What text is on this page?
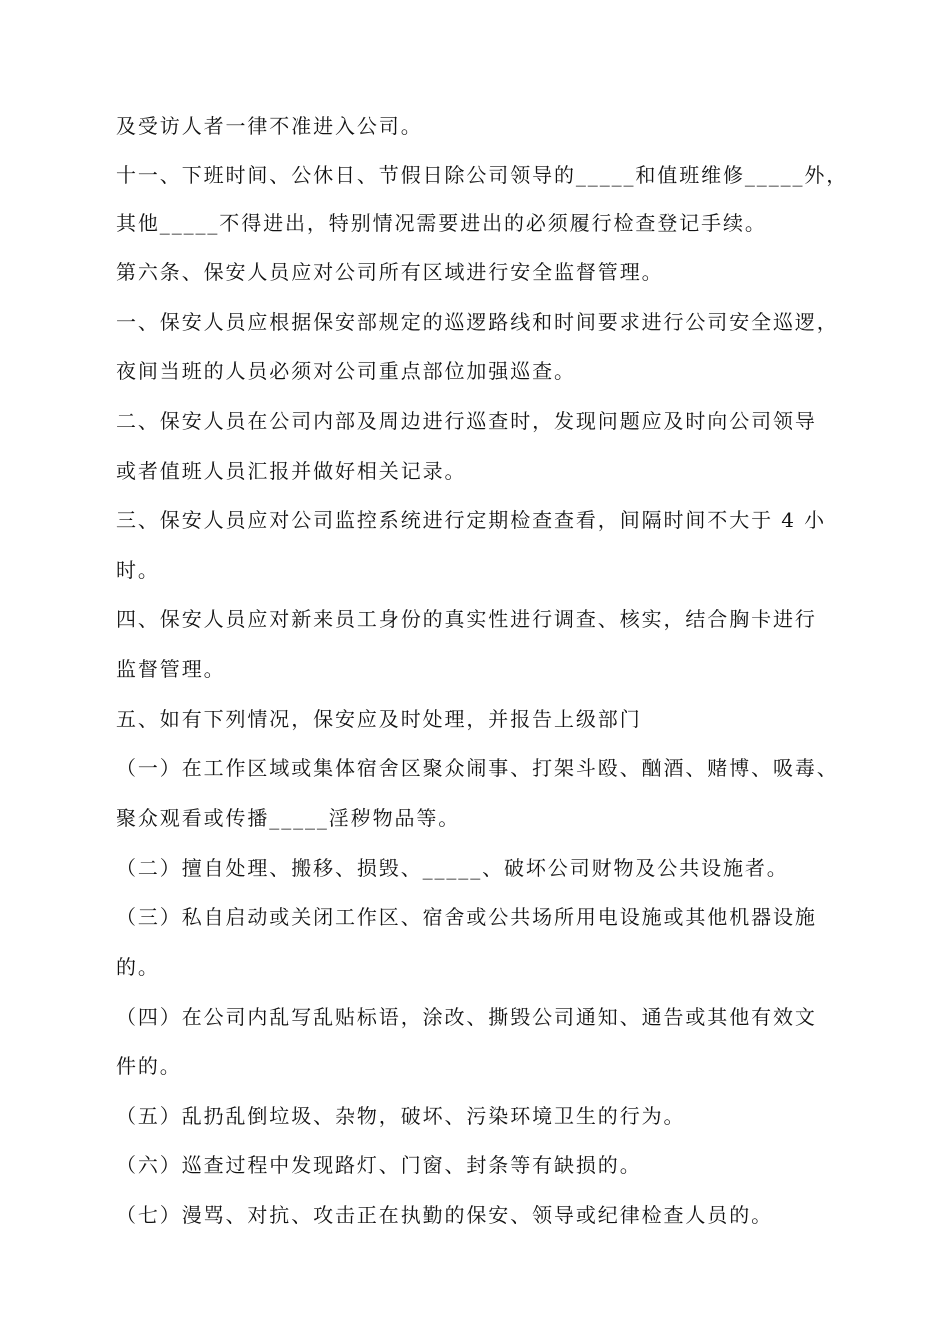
及受访人者一律不准进入公司。
十一、下班时间、公休日、节假日除公司领导的_____和值班维修_____外，
其他_____不得进出，特别情况需要进出的必须履行检查登记手续。
第六条、保安人员应对公司所有区域进行安全监督管理。
一、保安人员应根据保安部规定的巡逻路线和时间要求进行公司安全巡逻，
夜间当班的人员必须对公司重点部位加强巡查。
二、保安人员在公司内部及周边进行巡查时，发现问题应及时向公司领导
或者值班人员汇报并做好相关记录。
三、保安人员应对公司监控系统进行定期检查查看，间隔时间不大于 4 小
时。
四、保安人员应对新来员工身份的真实性进行调查、核实，结合胸卡进行
监督管理。
五、如有下列情况，保安应及时处理，并报告上级部门
（一）在工作区域或集体宿舍区聚众闹事、打架斗殴、酗酒、赌博、吸毒、
聚众观看或传播_____淫秽物品等。
（二）擅自处理、搬移、损毁、_____、破坏公司财物及公共设施者。
（三）私自启动或关闭工作区、宿舍或公共场所用电设施或其他机器设施
的。
（四）在公司内乱写乱贴标语，涂改、撕毁公司通知、通告或其他有效文
件的。
（五）乱扔乱倒垃圾、杂物，破坏、污染环境卫生的行为。
（六）巡查过程中发现路灯、门窗、封条等有缺损的。
（七）漫骂、对抗、攻击正在执勤的保安、领导或纪律检查人员的。
